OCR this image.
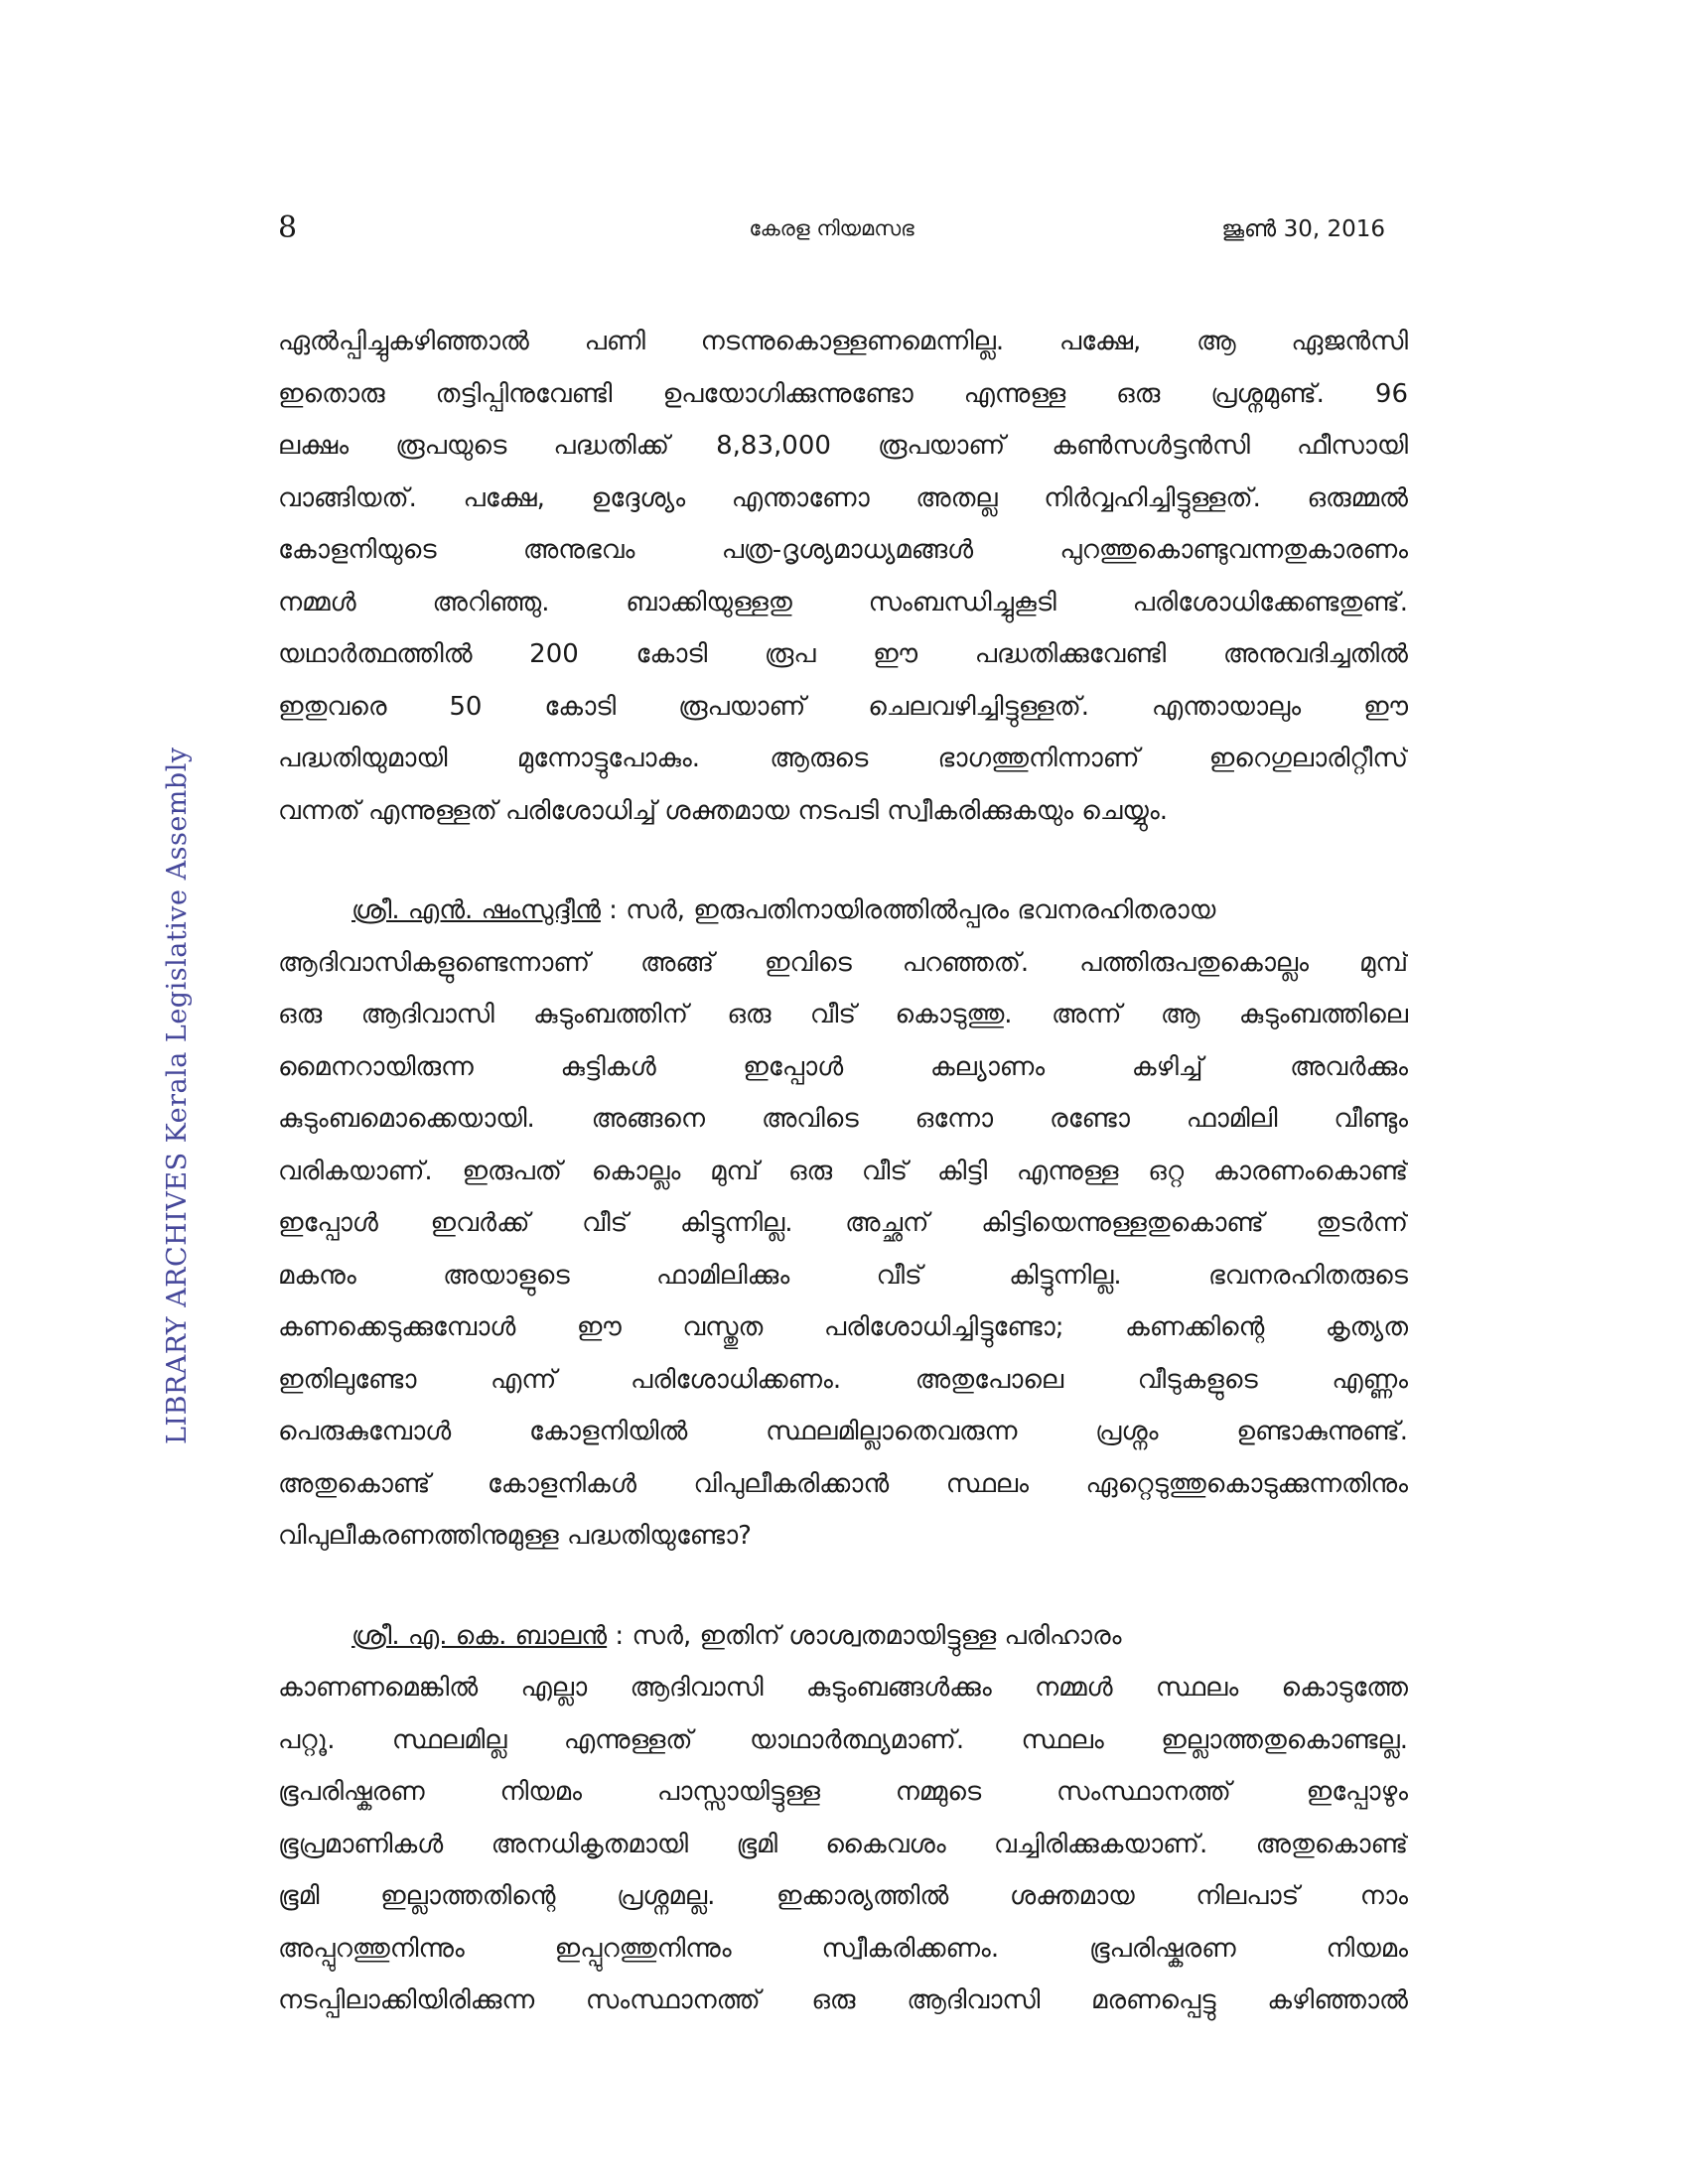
8	കേരള നിയമസഭ	ജൂൺ 30, 2016
LIBRARY ARCHIVES Kerala Legislative Assembly

ഏൽപ്പിച്ചുകഴിഞ്ഞാൽ പണി നടന്നുകൊള്ളണമെന്നില്ല. പക്ഷേ, ആ ഏജൻസി
ഇതൊരു തട്ടിപ്പിനുവേണ്ടി ഉപയോഗിക്കുന്നുണ്ടോ എന്നുള്ള ഒരു പ്രശ്നമുണ്ട്. 96
ലക്ഷം രൂപയുടെ പദ്ധതിക്ക് 8,83,000 രൂപയാണ് കൺസൾട്ടൻസി ഫീസായി
വാങ്ങിയത്. പക്ഷേ, ഉദ്ദേശ്യം എന്താണോ അതല്ല നിർവ്വഹിച്ചിട്ടുള്ളത്. ഒരുമ്മൽ
കോളനിയുടെ അനുഭവം പത്ര-ദൃശ്യമാധ്യമങ്ങൾ പുറത്തുകൊണ്ടുവന്നതുകാരണം
നമ്മൾ അറിഞ്ഞു. ബാക്കിയുള്ളതു സംബന്ധിച്ചുകൂടി പരിശോധിക്കേണ്ടതുണ്ട്.
യഥാർത്ഥത്തിൽ 200 കോടി രൂപ ഈ പദ്ധതിക്കുവേണ്ടി അനുവദിച്ചതിൽ
ഇതുവരെ 50 കോടി രൂപയാണ് ചെലവഴിച്ചിട്ടുള്ളത്. എന്തായാലും ഈ
പദ്ധതിയുമായി മുന്നോട്ടുപോകും. ആരുടെ ഭാഗത്തുനിന്നാണ് ഇറെഗുലാരിറ്റീസ്
വന്നത് എന്നുള്ളത് പരിശോധിച്ച് ശക്തമായ നടപടി സ്വീകരിക്കുകയും ചെയ്യും.

ശ്രീ. എൻ. ഷംസുദ്ദീൻ : സർ, ഇരുപതിനായിരത്തിൽപ്പരം ഭവനരഹിതരായ
ആദിവാസികളുണ്ടെന്നാണ് അങ്ങ് ഇവിടെ പറഞ്ഞത്. പത്തിരുപതുകൊല്ലം മുമ്പ്
ഒരു ആദിവാസി കുടുംബത്തിന് ഒരു വീട് കൊടുത്തു. അന്ന് ആ കുടുംബത്തിലെ
മൈനറായിരുന്ന കുട്ടികൾ ഇപ്പോൾ കല്യാണം കഴിച്ച് അവർക്കും
കുടുംബമൊക്കെയായി. അങ്ങനെ അവിടെ ഒന്നോ രണ്ടോ ഫാമിലി വീണ്ടും
വരികയാണ്. ഇരുപത് കൊല്ലം മുമ്പ് ഒരു വീട് കിട്ടി എന്നുള്ള ഒറ്റ കാരണംകൊണ്ട്
ഇപ്പോൾ ഇവർക്ക് വീട് കിട്ടുന്നില്ല. അച്ഛന് കിട്ടിയെന്നുള്ളതുകൊണ്ട് തുടർന്ന്
മകനും അയാളുടെ ഫാമിലിക്കും വീട് കിട്ടുന്നില്ല. ഭവനരഹിതരുടെ
കണക്കെടുക്കുമ്പോൾ ഈ വസ്തുത പരിശോധിച്ചിട്ടുണ്ടോ; കണക്കിന്റെ കൃത്യത
ഇതിലുണ്ടോ എന്ന് പരിശോധിക്കണം. അതുപോലെ വീടുകളുടെ എണ്ണം
പെരുകുമ്പോൾ കോളനിയിൽ സ്ഥലമില്ലാതെവരുന്ന പ്രശ്നം ഉണ്ടാകുന്നുണ്ട്.
അതുകൊണ്ട് കോളനികൾ വിപുലീകരിക്കാൻ സ്ഥലം ഏറ്റെടുത്തുകൊടുക്കുന്നതിനും
വിപുലീകരണത്തിനുമുള്ള പദ്ധതിയുണ്ടോ?

ശ്രീ. എ. കെ. ബാലൻ : സർ, ഇതിന് ശാശ്വതമായിട്ടുള്ള പരിഹാരം
കാണണമെങ്കിൽ എല്ലാ ആദിവാസി കുടുംബങ്ങൾക്കും നമ്മൾ സ്ഥലം കൊടുത്തേ
പറ്റൂ. സ്ഥലമില്ല എന്നുള്ളത് യാഥാർത്ഥ്യമാണ്. സ്ഥലം ഇല്ലാത്തതുകൊണ്ടല്ല.
ഭൂപരിഷ്കരണ നിയമം പാസ്സായിട്ടുള്ള നമ്മുടെ സംസ്ഥാനത്ത് ഇപ്പോഴും
ഭൂപ്രമാണികൾ അനധികൃതമായി ഭൂമി കൈവശം വച്ചിരിക്കുകയാണ്. അതുകൊണ്ട്
ഭൂമി ഇല്ലാത്തതിന്റെ പ്രശ്നമല്ല. ഇക്കാര്യത്തിൽ ശക്തമായ നിലപാട് നാം
അപ്പുറത്തുനിന്നും ഇപ്പുറത്തുനിന്നും സ്വീകരിക്കണം. ഭൂപരിഷ്കരണ നിയമം
നടപ്പിലാക്കിയിരിക്കുന്ന സംസ്ഥാനത്ത് ഒരു ആദിവാസി മരണപ്പെട്ടു കഴിഞ്ഞാൽ
